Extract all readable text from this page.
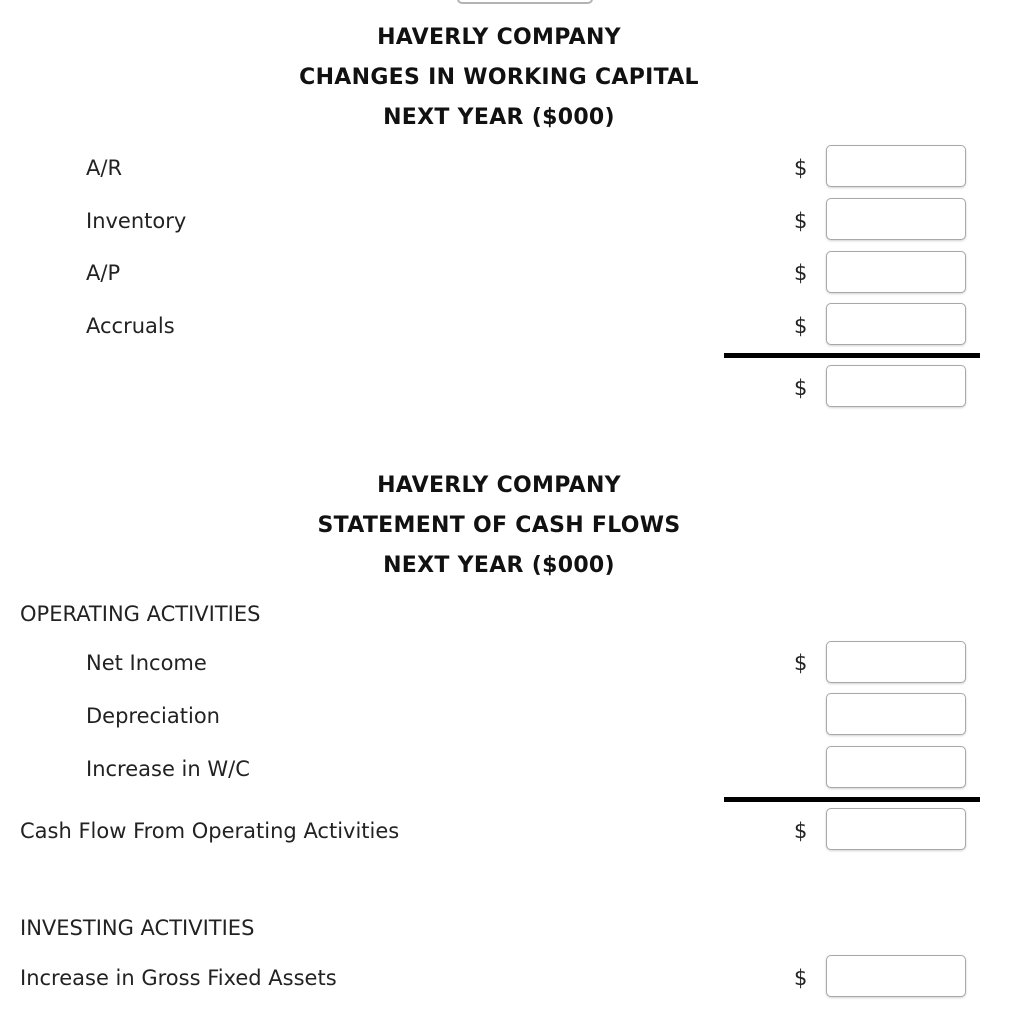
HAVERLY COMPANY
CHANGES IN WORKING CAPITAL
NEXT YEAR ($000)
A/R	$
Inventory	$
A/P	$
Accruals	$
$
HAVERLY COMPANY
STATEMENT OF CASH FLOWS
NEXT YEAR ($000)
OPERATING ACTIVITIES
Net Income	$
Depreciation
Increase in W/C
Cash Flow From Operating Activities	$
INVESTING ACTIVITIES
Increase in Gross Fixed Assets	$
